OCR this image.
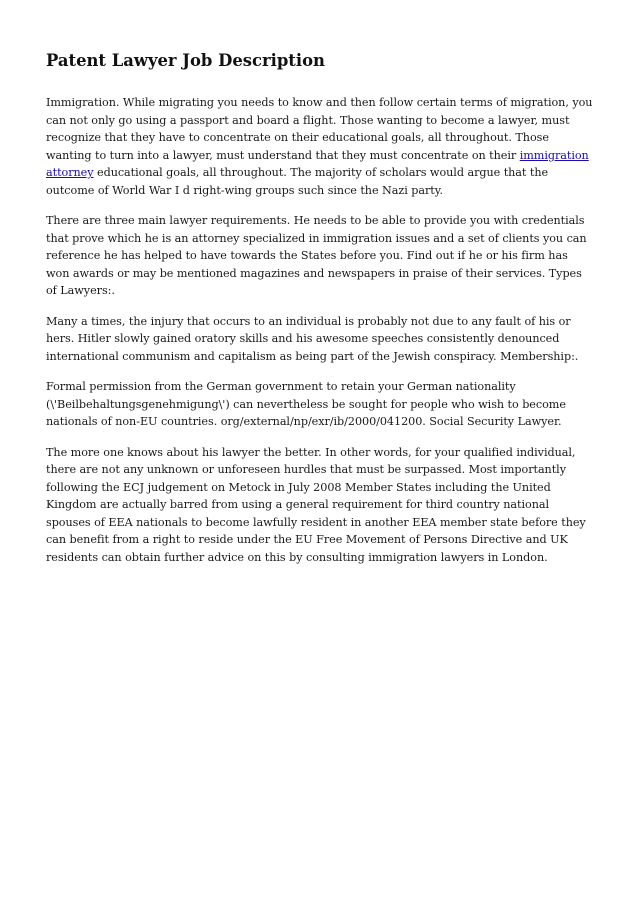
Patent Lawyer Job Description

Immigration. While migrating you needs to know and then follow certain terms of migration, you can not only go using a passport and board a flight. Those wanting to become a lawyer, must recognize that they have to concentrate on their educational goals, all throughout. Those wanting to turn into a lawyer, must understand that they must concentrate on their immigration attorney educational goals, all throughout. The majority of scholars would argue that the outcome of World War I d right-wing groups such since the Nazi party.

There are three main lawyer requirements. He needs to be able to provide you with credentials that prove which he is an attorney specialized in immigration issues and a set of clients you can reference he has helped to have towards the States before you. Find out if he or his firm has won awards or may be mentioned magazines and newspapers in praise of their services. Types of Lawyers:.

Many a times, the injury that occurs to an individual is probably not due to any fault of his or hers. Hitler slowly gained oratory skills and his awesome speeches consistently denounced international communism and capitalism as being part of the Jewish conspiracy. Membership:.

Formal permission from the German government to retain your German nationality (\'Beilbehaltungsgenehmigung\') can nevertheless be sought for people who wish to become nationals of non-EU countries. org/external/np/exr/ib/2000/041200. Social Security Lawyer.

The more one knows about his lawyer the better. In other words, for your qualified individual, there are not any unknown or unforeseen hurdles that must be surpassed. Most importantly following the ECJ judgement on Metock in July 2008 Member States including the United Kingdom are actually barred from using a general requirement for third country national spouses of EEA nationals to become lawfully resident in another EEA member state before they can benefit from a right to reside under the EU Free Movement of Persons Directive and UK residents can obtain further advice on this by consulting immigration lawyers in London.
